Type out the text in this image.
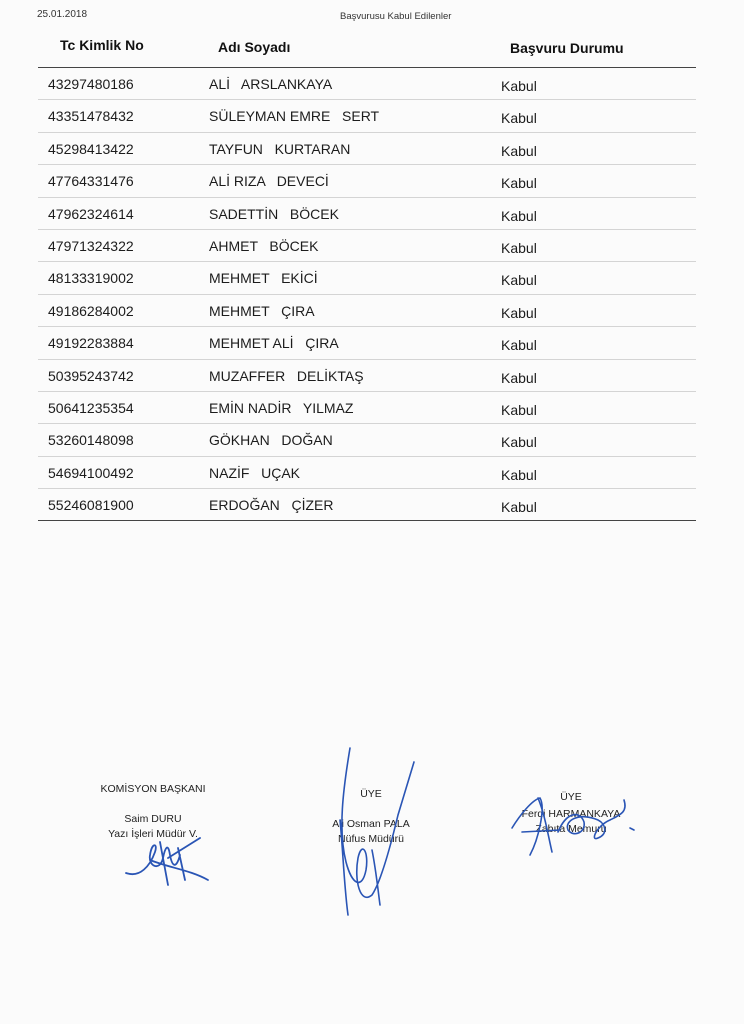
25.01.2018	Başvurusu Kabul Edilenler
Tc Kimlik No	Adı Soyadı	Başvuru Durumu
43297480186	ALİ   ARSLANKAYA	Kabul
43351478432	SÜLEYMAN EMRE   SERT	Kabul
45298413422	TAYFUN   KURTARAN	Kabul
47764331476	ALİ RIZA   DEVECİ	Kabul
47962324614	SADETTİN   BÖCEK	Kabul
47971324322	AHMET   BÖCEK	Kabul
48133319002	MEHMET   EKİCİ	Kabul
49186284002	MEHMET   ÇIRA	Kabul
49192283884	MEHMET ALİ   ÇIRA	Kabul
50395243742	MUZAFFER   DELİKTAŞ	Kabul
50641235354	EMİN NADİR   YILMAZ	Kabul
53260148098	GÖKHAN   DOĞAN	Kabul
54694100492	NAZİF   UÇAK	Kabul
55246081900	ERDOĞAN   ÇİZER	Kabul
KOMİSYON BAŞKANI
Saim DURU
Yazı İşleri Müdür V.
ÜYE
Ali Osman PALA
Nüfus Müdürü
ÜYE
Ferdi HARMANKAYA
Zabıta Memuru
